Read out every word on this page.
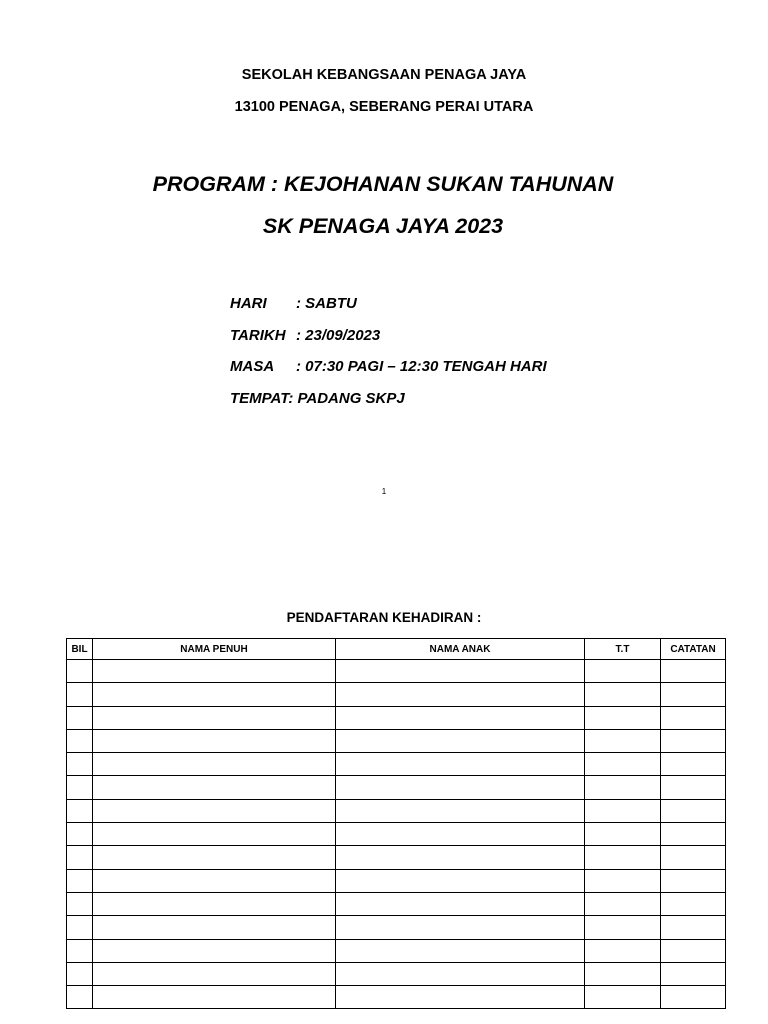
SEKOLAH KEBANGSAAN PENAGA JAYA
13100 PENAGA, SEBERANG PERAI UTARA
PROGRAM : KEJOHANAN SUKAN TAHUNAN
SK PENAGA JAYA 2023
HARI : SABTU
TARIKH : 23/09/2023
MASA : 07:30 PAGI – 12:30 TENGAH HARI
TEMPAT: PADANG SKPJ
1
PENDAFTARAN KEHADIRAN :
BIL	NAMA PENUH	NAMA ANAK	T.T	CATATAN
